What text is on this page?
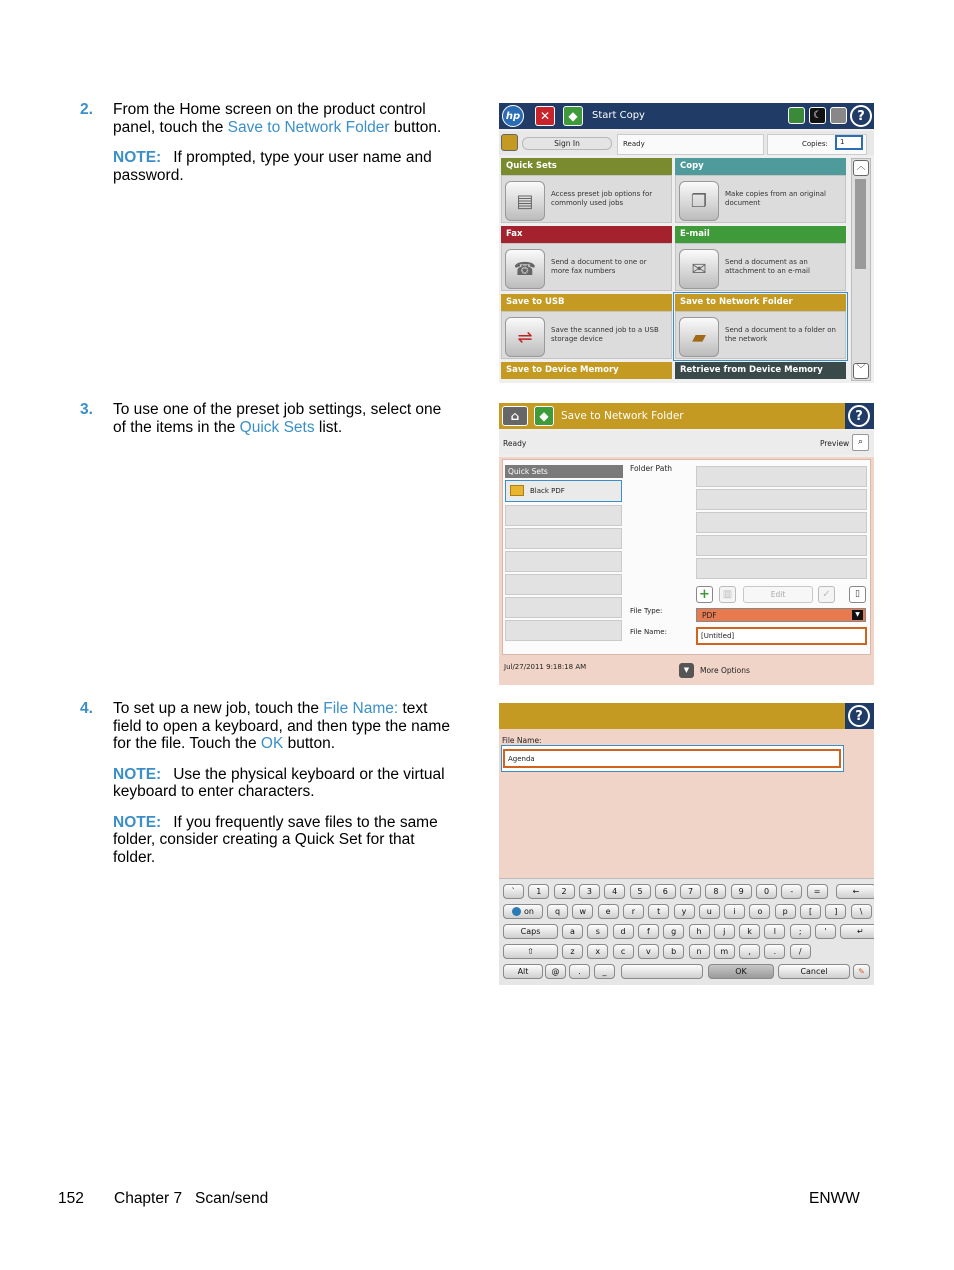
2. From the Home screen on the product control panel, touch the Save to Network Folder button.
NOTE: If prompted, type your user name and password.
3. To use one of the preset job settings, select one of the items in the Quick Sets list.
4. To set up a new job, touch the File Name: text field to open a keyboard, and then type the name for the file. Touch the OK button.
NOTE: Use the physical keyboard or the virtual keyboard to enter characters.
NOTE: If you frequently save files to the same folder, consider creating a Quick Set for that folder.
hp	✕	◆	Start Copy	☾	?
Sign In	Ready	Copies:	1
Quick Sets
▤	Access preset job options for commonly used jobs
Copy
❐	Make copies from an original document
Fax
☎	Send a document to one or more fax numbers
E-mail
✉	Send a document as an attachment to an e-mail
Save to USB
⇌	Save the scanned job to a USB storage device
Save to Network Folder
▰	Send a document to a folder on the network
Save to Device Memory	Retrieve from Device Memory
︿
﹀
⌂	◆	Save to Network Folder	?
Ready	Preview ⌕
Quick Sets
Black PDF
Folder Path
+	▥	Edit	✓	▯
File Type:	PDF	▼
File Name:	[Untitled]
Jul/27/2011 9:18:18 AM	▼	More Options
?
File Name:
Agenda
`	1	2	3	4	5	6	7	8	9	0	-	=	←
on	q	w	e	r	t	y	u	i	o	p	[	]	\
Caps	a	s	d	f	g	h	j	k	l	;	'	↵
⇧	z	x	c	v	b	n	m	,	.	/
Alt	@	.	_	OK	Cancel	✎
152 Chapter 7   Scan/send	ENWW
